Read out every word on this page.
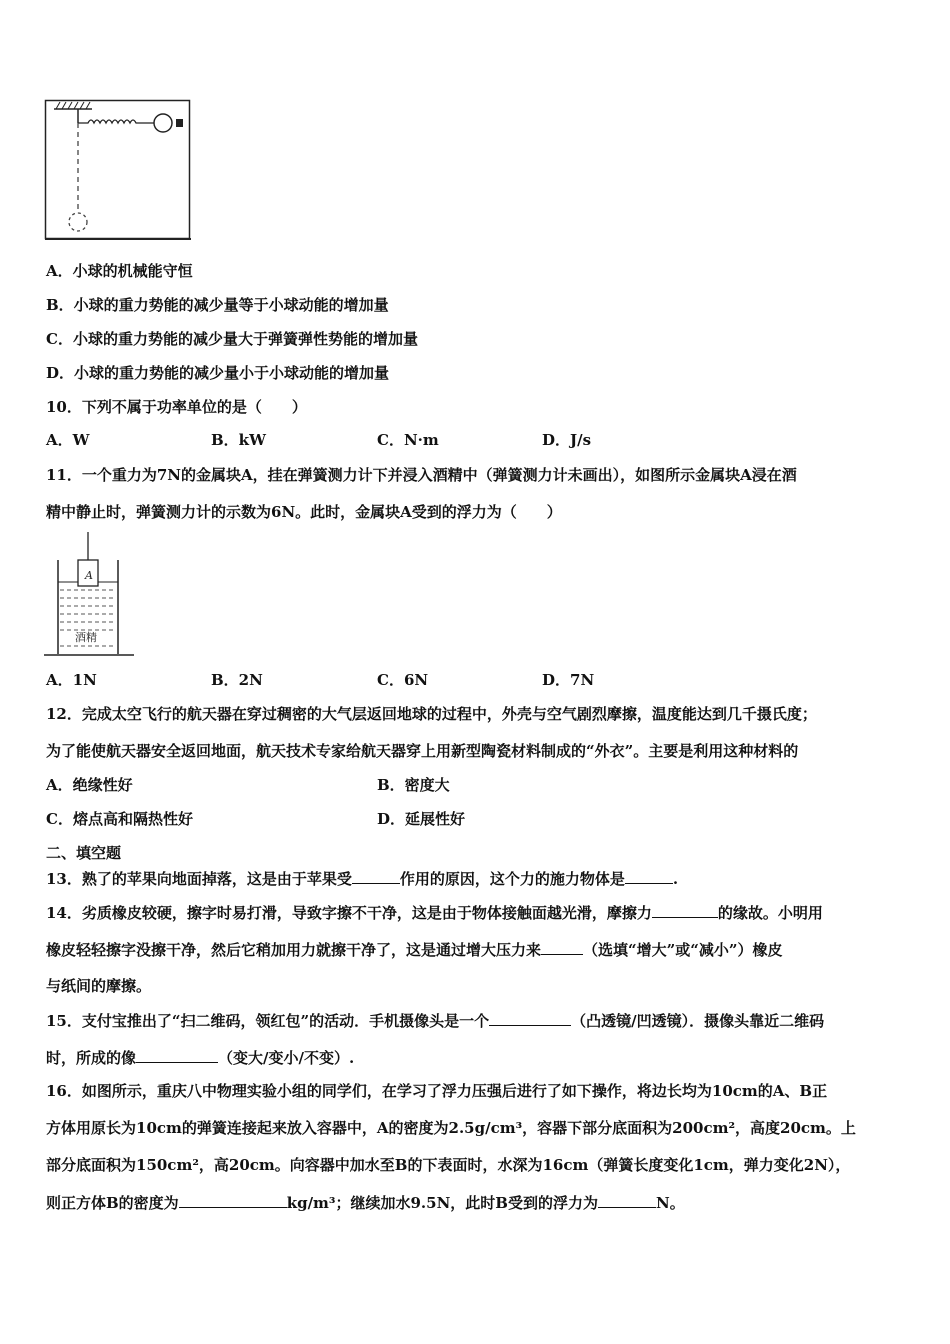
A．小球的机械能守恒
B．小球的重力势能的减少量等于小球动能的增加量
C．小球的重力势能的减少量大于弹簧弹性势能的增加量
D．小球的重力势能的减少量小于小球动能的增加量
10．下列不属于功率单位的是（　　）
A．W	B．kW	C．N·m	D．J/s
11．一个重力为7N的金属块A，挂在弹簧测力计下并浸入酒精中（弹簧测力计未画出），如图所示金属块A浸在酒
精中静止时，弹簧测力计的示数为6N。此时，金属块A受到的浮力为（　　）
A
酒精
A．1N	B．2N	C．6N	D．7N
12．完成太空飞行的航天器在穿过稠密的大气层返回地球的过程中，外壳与空气剧烈摩擦，温度能达到几千摄氏度；
为了能使航天器安全返回地面，航天技术专家给航天器穿上用新型陶瓷材料制成的“外衣”。主要是利用这种材料的
A．绝缘性好	B．密度大
C．熔点高和隔热性好	D．延展性好
二、填空题
13．熟了的苹果向地面掉落，这是由于苹果受	作用的原因，这个力的施力物体是	.
14．劣质橡皮较硬，擦字时易打滑，导致字擦不干净，这是由于物体接触面越光滑，摩擦力	的缘故。小明用
橡皮轻轻擦字没擦干净，然后它稍加用力就擦干净了，这是通过增大压力来	（选填“增大”或“减小”）橡皮
与纸间的摩擦。
15．支付宝推出了“扫二维码，领红包”的活动．手机摄像头是一个	（凸透镜/凹透镜）．摄像头靠近二维码
时，所成的像	（变大/变小/不变）.
16．如图所示，重庆八中物理实验小组的同学们，在学习了浮力压强后进行了如下操作，将边长均为10cm的A、B正
方体用原长为10cm的弹簧连接起来放入容器中，A的密度为2.5g/cm³，容器下部分底面积为200cm²，高度20cm。上
部分底面积为150cm²，高20cm。向容器中加水至B的下表面时，水深为16cm（弹簧长度变化1cm，弹力变化2N），
则正方体B的密度为	kg/m³；继续加水9.5N，此时B受到的浮力为	N。
